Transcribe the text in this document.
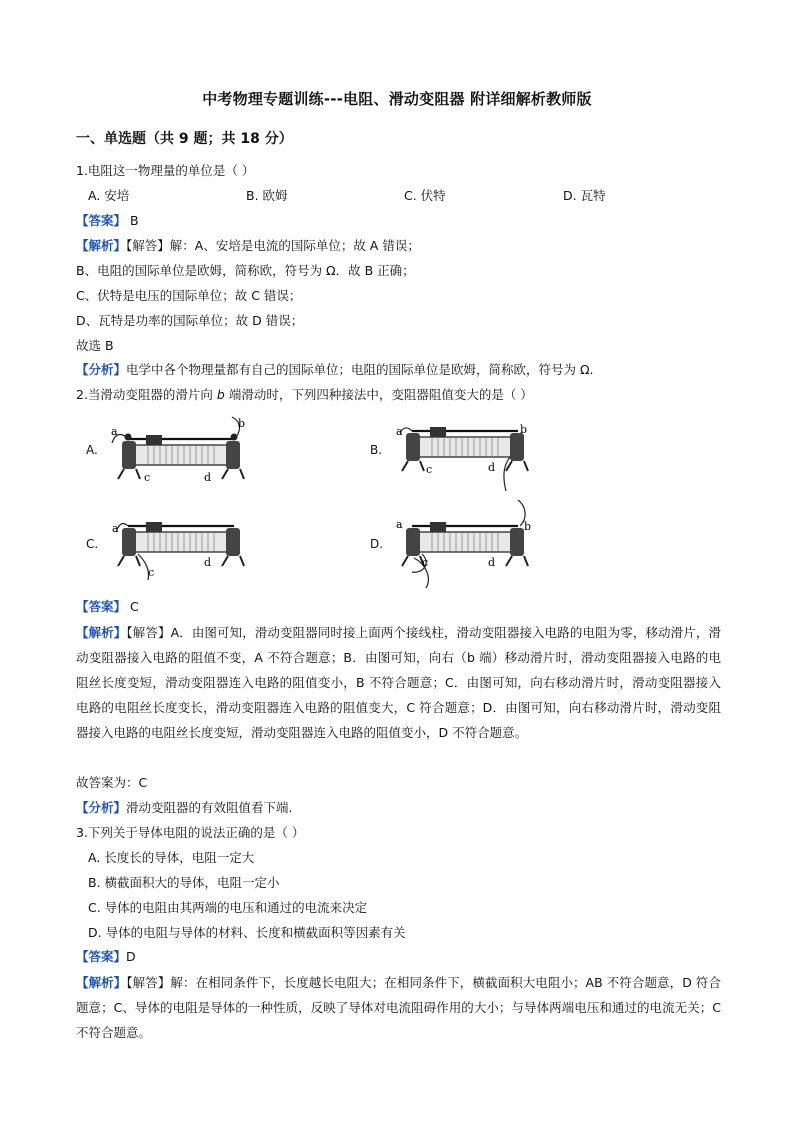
中考物理专题训练---电阻、滑动变阻器 附详细解析教师版
一、单选题（共 9 题；共 18 分）
1.电阻这一物理量的单位是（ ）
A. 安培	B. 欧姆	C. 伏特	D. 瓦特
【答案】 B
【解析】【解答】解：A、安培是电流的国际单位；故 A 错误；
B、电阻的国际单位是欧姆，简称欧，符号为 Ω．故 B 正确；
C、伏特是电压的国际单位；故 C 错误；
D、瓦特是功率的国际单位；故 D 错误；
故选 B
【分析】电学中各个物理量都有自己的国际单位；电阻的国际单位是欧姆，简称欧，符号为 Ω.
2.当滑动变阻器的滑片向 b 端滑动时，下列四种接法中，变阻器阻值变大的是（ ）
A.	B.
C.	D.
a
b
c	d
a	b
c	d
a
c
d
a	b
c	d
【答案】 C
【解析】【解答】A．由图可知，滑动变阻器同时接上面两个接线柱，滑动变阻器接入电路的电阻为零，移动滑片，滑动变阻器接入电路的阻值不变，A 不符合题意；B．由图可知，向右（b 端）移动滑片时，滑动变阻器接入电路的电阻丝长度变短，滑动变阻器连入电路的阻值变小，B 不符合题意；C．由图可知，向右移动滑片时，滑动变阻器接入电路的电阻丝长度变长，滑动变阻器连入电路的阻值变大，C 符合题意；D．由图可知，向右移动滑片时，滑动变阻器接入电路的电阻丝长度变短，滑动变阻器连入电路的阻值变小，D 不符合题意。
故答案为：C
【分析】滑动变阻器的有效阻值看下端.
3.下列关于导体电阻的说法正确的是（ ）
A. 长度长的导体，电阻一定大
B. 横截面积大的导体，电阻一定小
C. 导体的电阻由其两端的电压和通过的电流来决定
D. 导体的电阻与导体的材料、长度和横截面积等因素有关
【答案】D
【解析】【解答】解：在相同条件下，长度越长电阻大；在相同条件下，横截面积大电阻小；AB 不符合题意，D 符合题意；C、导体的电阻是导体的一种性质，反映了导体对电流阻碍作用的大小；与导体两端电压和通过的电流无关；C 不符合题意。
